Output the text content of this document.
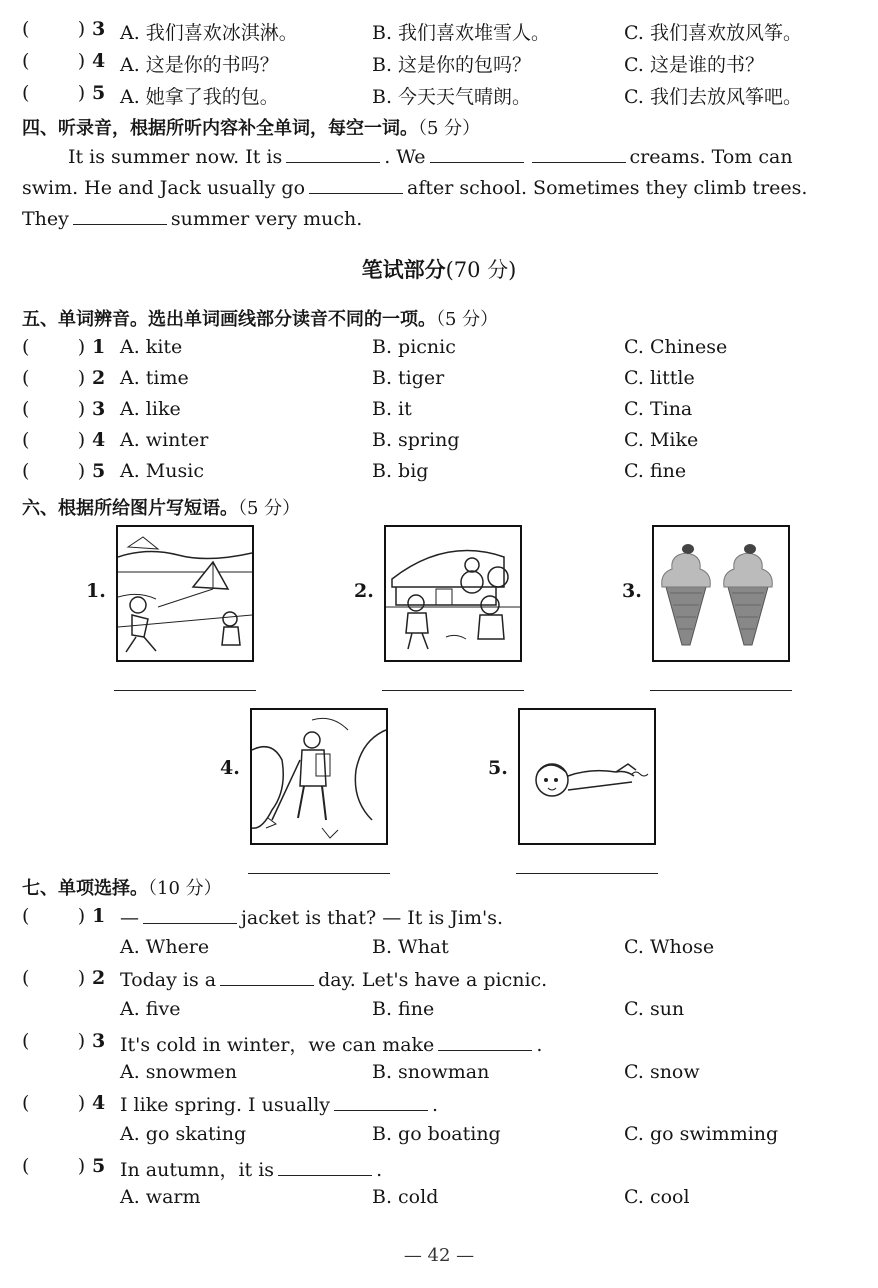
(        ) 3 A. 我们喜欢冰淇淋。	B. 我们喜欢堆雪人。	C. 我们喜欢放风筝。
(        ) 4 A. 这是你的书吗？	B. 这是你的包吗？	C. 这是谁的书？
(        ) 5 A. 她拿了我的包。	B. 今天天气晴朗。	C. 我们去放风筝吧。
四、听录音，根据所听内容补全单词，每空一词。（5 分）
It is summer now. It is	. We	creams. Tom can
swim. He and Jack usually go	after school. Sometimes they climb trees.
They	summer very much.
笔试部分(70 分)
五、单词辨音。选出单词画线部分读音不同的一项。（5 分）
(        ) 1 A. kite	B. picnic	C. Chinese
(        ) 2 A. time	B. tiger	C. little
(        ) 3 A. like	B. it	C. Tina
(        ) 4 A. winter	B. spring	C. Mike
(        ) 5 A. Music	B. big	C. fine
六、根据所给图片写短语。（5 分）
1.	2.	3.
4.	5.
七、单项选择。（10 分）
(        ) 1 —	jacket is that? — It is Jim's.
A. Where	B. What	C. Whose
(        ) 2 Today is a	day. Let's have a picnic.
A. five	B. fine	C. sun
(        ) 3 It's cold in winter，we can make	.
A. snowmen	B. snowman	C. snow
(        ) 4 I like spring. I usually	.
A. go skating	B. go boating	C. go swimming
(        ) 5 In autumn，it is	.
A. warm	B. cold	C. cool
— 42 —
